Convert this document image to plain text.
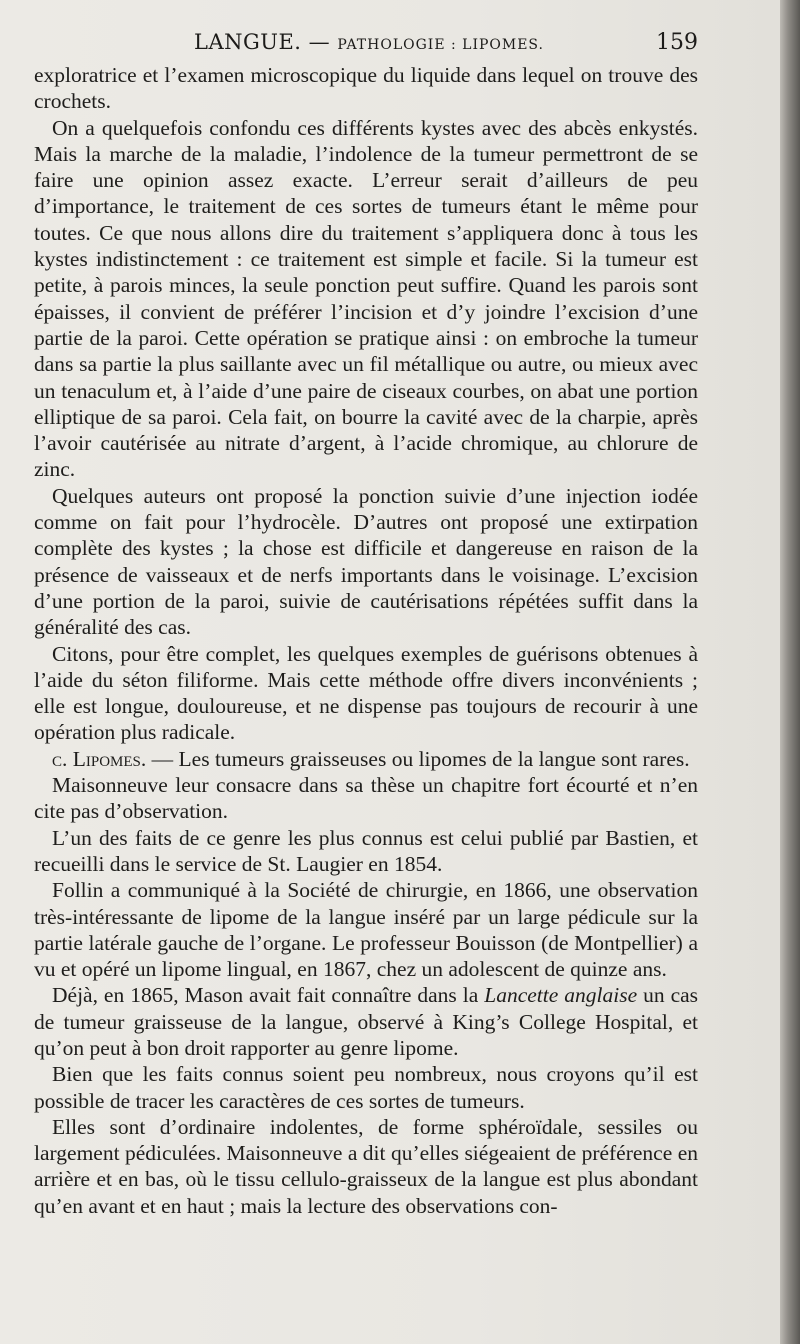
LANGUE. — PATHOLOGIE : LIPOMES.	159

exploratrice et l’examen microscopique du liquide dans lequel on trouve des crochets.

On a quelquefois confondu ces différents kystes avec des abcès enkystés. Mais la marche de la maladie, l’indolence de la tumeur permettront de se faire une opinion assez exacte. L’erreur serait d’ailleurs de peu d’importance, le traitement de ces sortes de tumeurs étant le même pour toutes. Ce que nous allons dire du traitement s’appliquera donc à tous les kystes indistinctement : ce traitement est simple et facile. Si la tumeur est petite, à parois minces, la seule ponction peut suffire. Quand les parois sont épaisses, il convient de préférer l’incision et d’y joindre l’excision d’une partie de la paroi. Cette opération se pratique ainsi : on embroche la tumeur dans sa partie la plus saillante avec un fil métallique ou autre, ou mieux avec un tenaculum et, à l’aide d’une paire de ciseaux courbes, on abat une portion elliptique de sa paroi. Cela fait, on bourre la cavité avec de la charpie, après l’avoir cautérisée au nitrate d’argent, à l’acide chromique, au chlorure de zinc.

Quelques auteurs ont proposé la ponction suivie d’une injection iodée comme on fait pour l’hydrocèle. D’autres ont proposé une extirpation complète des kystes ; la chose est difficile et dangereuse en raison de la présence de vaisseaux et de nerfs importants dans le voisinage. L’excision d’une portion de la paroi, suivie de cautérisations répétées suffit dans la généralité des cas.

Citons, pour être complet, les quelques exemples de guérisons obtenues à l’aide du séton filiforme. Mais cette méthode offre divers inconvénients ; elle est longue, douloureuse, et ne dispense pas toujours de recourir à une opération plus radicale.

c. Lipomes. — Les tumeurs graisseuses ou lipomes de la langue sont rares.

Maisonneuve leur consacre dans sa thèse un chapitre fort écourté et n’en cite pas d’observation.

L’un des faits de ce genre les plus connus est celui publié par Bastien, et recueilli dans le service de St. Laugier en 1854.

Follin a communiqué à la Société de chirurgie, en 1866, une observation très-intéressante de lipome de la langue inséré par un large pédicule sur la partie latérale gauche de l’organe. Le professeur Bouisson (de Montpellier) a vu et opéré un lipome lingual, en 1867, chez un adolescent de quinze ans.

Déjà, en 1865, Mason avait fait connaître dans la Lancette anglaise un cas de tumeur graisseuse de la langue, observé à King’s College Hospital, et qu’on peut à bon droit rapporter au genre lipome.

Bien que les faits connus soient peu nombreux, nous croyons qu’il est possible de tracer les caractères de ces sortes de tumeurs.

Elles sont d’ordinaire indolentes, de forme sphéroïdale, sessiles ou largement pédiculées. Maisonneuve a dit qu’elles siégeaient de préférence en arrière et en bas, où le tissu cellulo-graisseux de la langue est plus abondant qu’en avant et en haut ; mais la lecture des observations con-
